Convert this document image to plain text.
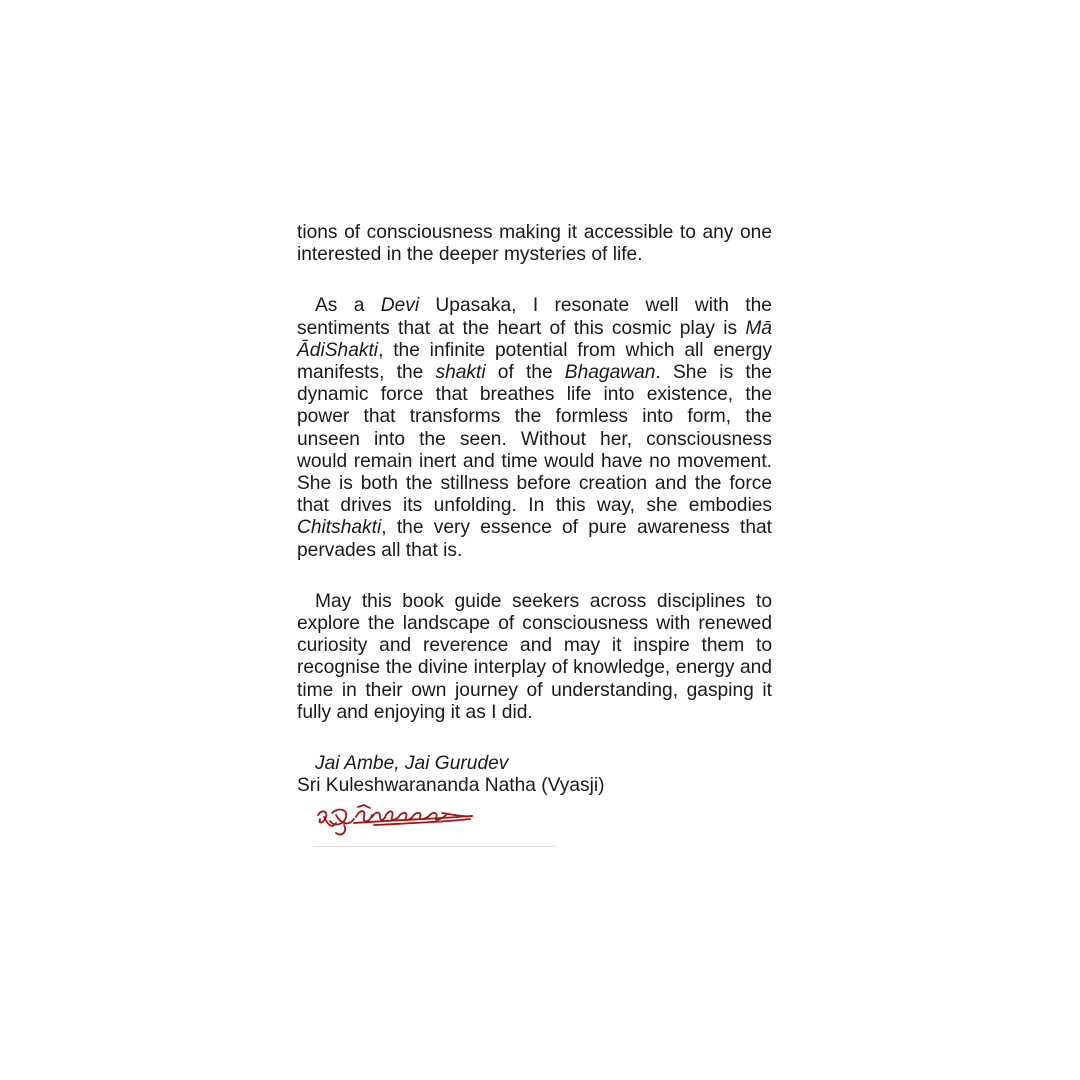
tions of consciousness making it accessible to any one interested in the deeper mysteries of life.

As a Devi Upasaka, I resonate well with the sentiments that at the heart of this cosmic play is Mā ĀdiShakti, the infinite potential from which all energy manifests, the shakti of the Bhagawan. She is the dynamic force that breathes life into existence, the power that transforms the formless into form, the unseen into the seen. Without her, consciousness would remain inert and time would have no movement. She is both the stillness before creation and the force that drives its unfolding. In this way, she embodies Chitshakti, the very essence of pure awareness that pervades all that is.

May this book guide seekers across disciplines to explore the landscape of consciousness with renewed curiosity and reverence and may it inspire them to recognise the divine interplay of knowledge, energy and time in their own journey of understanding, gasping it fully and enjoying it as I did.

Jai Ambe, Jai Gurudev
Sri Kuleshwarananda Natha (Vyasji)
